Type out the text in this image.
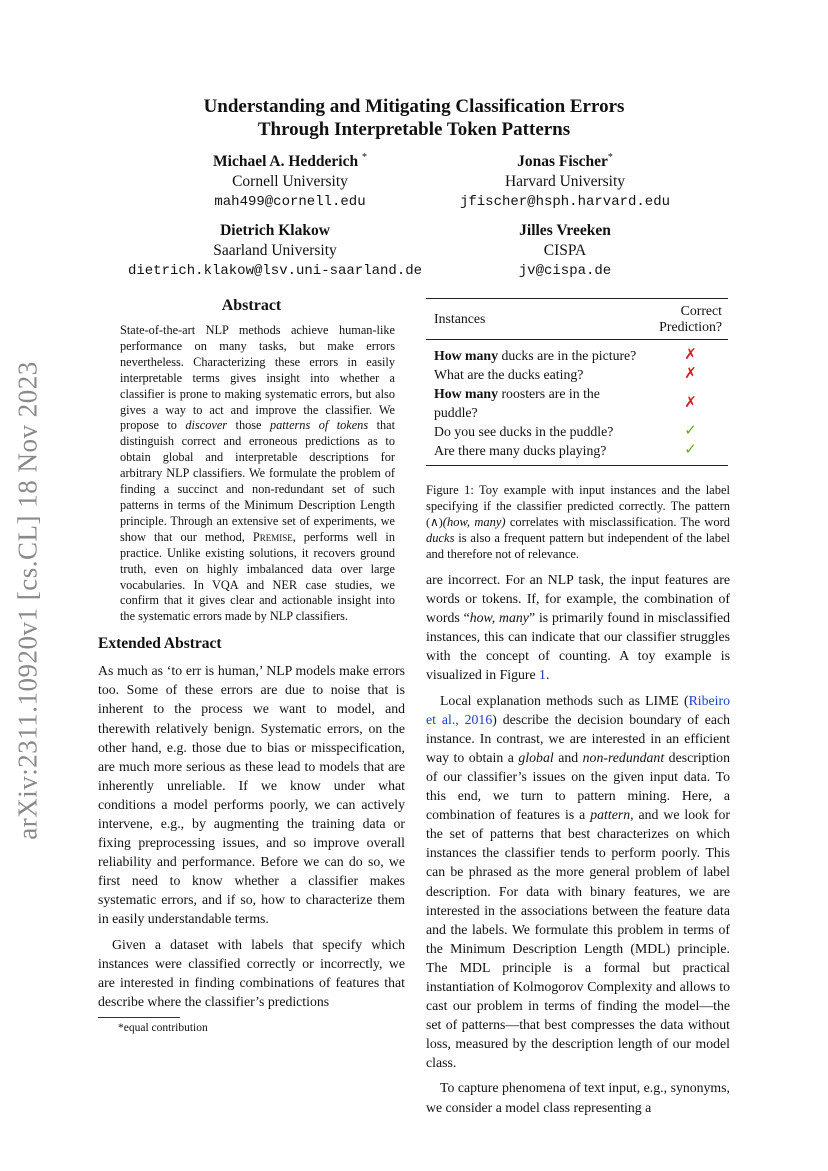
arXiv:2311.10920v1 [cs.CL] 18 Nov 2023
Understanding and Mitigating Classification Errors
Through Interpretable Token Patterns
Michael A. Hedderich *
Cornell University
mah499@cornell.edu
Jonas Fischer*
Harvard University
jfischer@hsph.harvard.edu
Dietrich Klakow
Saarland University
dietrich.klakow@lsv.uni-saarland.de
Jilles Vreeken
CISPA
jv@cispa.de
Abstract
State-of-the-art NLP methods achieve human-like performance on many tasks, but make errors nevertheless. Characterizing these errors in easily interpretable terms gives insight into whether a classifier is prone to making systematic errors, but also gives a way to act and improve the classifier. We propose to discover those patterns of tokens that distinguish correct and erroneous predictions as to obtain global and interpretable descriptions for arbitrary NLP classifiers. We formulate the problem of finding a succinct and non-redundant set of such patterns in terms of the Minimum Description Length principle. Through an extensive set of experiments, we show that our method, Premise, performs well in practice. Unlike existing solutions, it recovers ground truth, even on highly imbalanced data over large vocabularies. In VQA and NER case studies, we confirm that it gives clear and actionable insight into the systematic errors made by NLP classifiers.
Extended Abstract

As much as ‘to err is human,’ NLP models make errors too. Some of these errors are due to noise that is inherent to the process we want to model, and therewith relatively benign. Systematic errors, on the other hand, e.g. those due to bias or misspecification, are much more serious as these lead to models that are inherently unreliable. If we know under what conditions a model performs poorly, we can actively intervene, e.g., by augmenting the training data or fixing preprocessing issues, and so improve overall reliability and performance. Before we can do so, we first need to know whether a classifier makes systematic errors, and if so, how to characterize them in easily understandable terms.

Given a dataset with labels that specify which instances were classified correctly or incorrectly, we are interested in finding combinations of features that describe where the classifier’s predictions

*equal contribution
Instances	Correct Prediction?
How many ducks are in the picture?	✗
What are the ducks eating?	✗
How many roosters are in the puddle?	✗
Do you see ducks in the puddle?	✓
Are there many ducks playing?	✓
Figure 1: Toy example with input instances and the label specifying if the classifier predicted correctly. The pattern (∧)(how, many) correlates with misclassification. The word ducks is also a frequent pattern but independent of the label and therefore not of relevance.

are incorrect. For an NLP task, the input features are words or tokens. If, for example, the combination of words “how, many” is primarily found in misclassified instances, this can indicate that our classifier struggles with the concept of counting. A toy example is visualized in Figure 1.

Local explanation methods such as LIME (Ribeiro et al., 2016) describe the decision boundary of each instance. In contrast, we are interested in an efficient way to obtain a global and non-redundant description of our classifier’s issues on the given input data. To this end, we turn to pattern mining. Here, a combination of features is a pattern, and we look for the set of patterns that best characterizes on which instances the classifier tends to perform poorly. This can be phrased as the more general problem of label description. For data with binary features, we are interested in the associations between the feature data and the labels. We formulate this problem in terms of the Minimum Description Length (MDL) principle. The MDL principle is a formal but practical instantiation of Kolmogorov Complexity and allows to cast our problem in terms of finding the model—the set of patterns—that best compresses the data without loss, measured by the description length of our model class.

To capture phenomena of text input, e.g., synonyms, we consider a model class representing a
